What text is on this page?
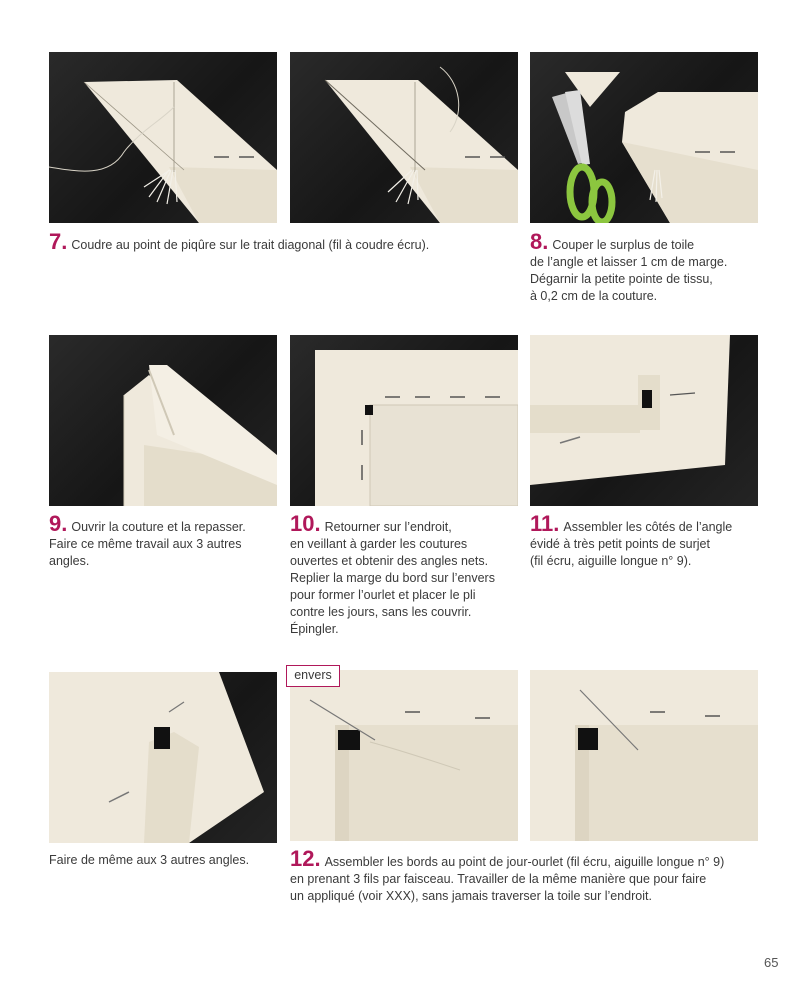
7. Coudre au point de piqûre sur le trait diagonal (fil à coudre écru).	8. Couper le surplus de toile
de l’angle et laisser 1 cm de marge.
Dégarnir la petite pointe de tissu,
à 0,2 cm de la couture.
9. Ouvrir la couture et la repasser.
Faire ce même travail aux 3 autres
angles.
10. Retourner sur l’endroit,
en veillant à garder les coutures
ouvertes et obtenir des angles nets.
Replier la marge du bord sur l’envers
pour former l’ourlet et placer le pli
contre les jours, sans les couvrir.
Épingler.
11. Assembler les côtés de l’angle
évidé à très petit points de surjet
(fil écru, aiguille longue n° 9).
envers
Faire de même aux 3 autres angles.	12. Assembler les bords au point de jour-ourlet (fil écru, aiguille longue n° 9)
en prenant 3 fils par faisceau. Travailler de la même manière que pour faire
un appliqué (voir XXX), sans jamais traverser la toile sur l’endroit.
65
